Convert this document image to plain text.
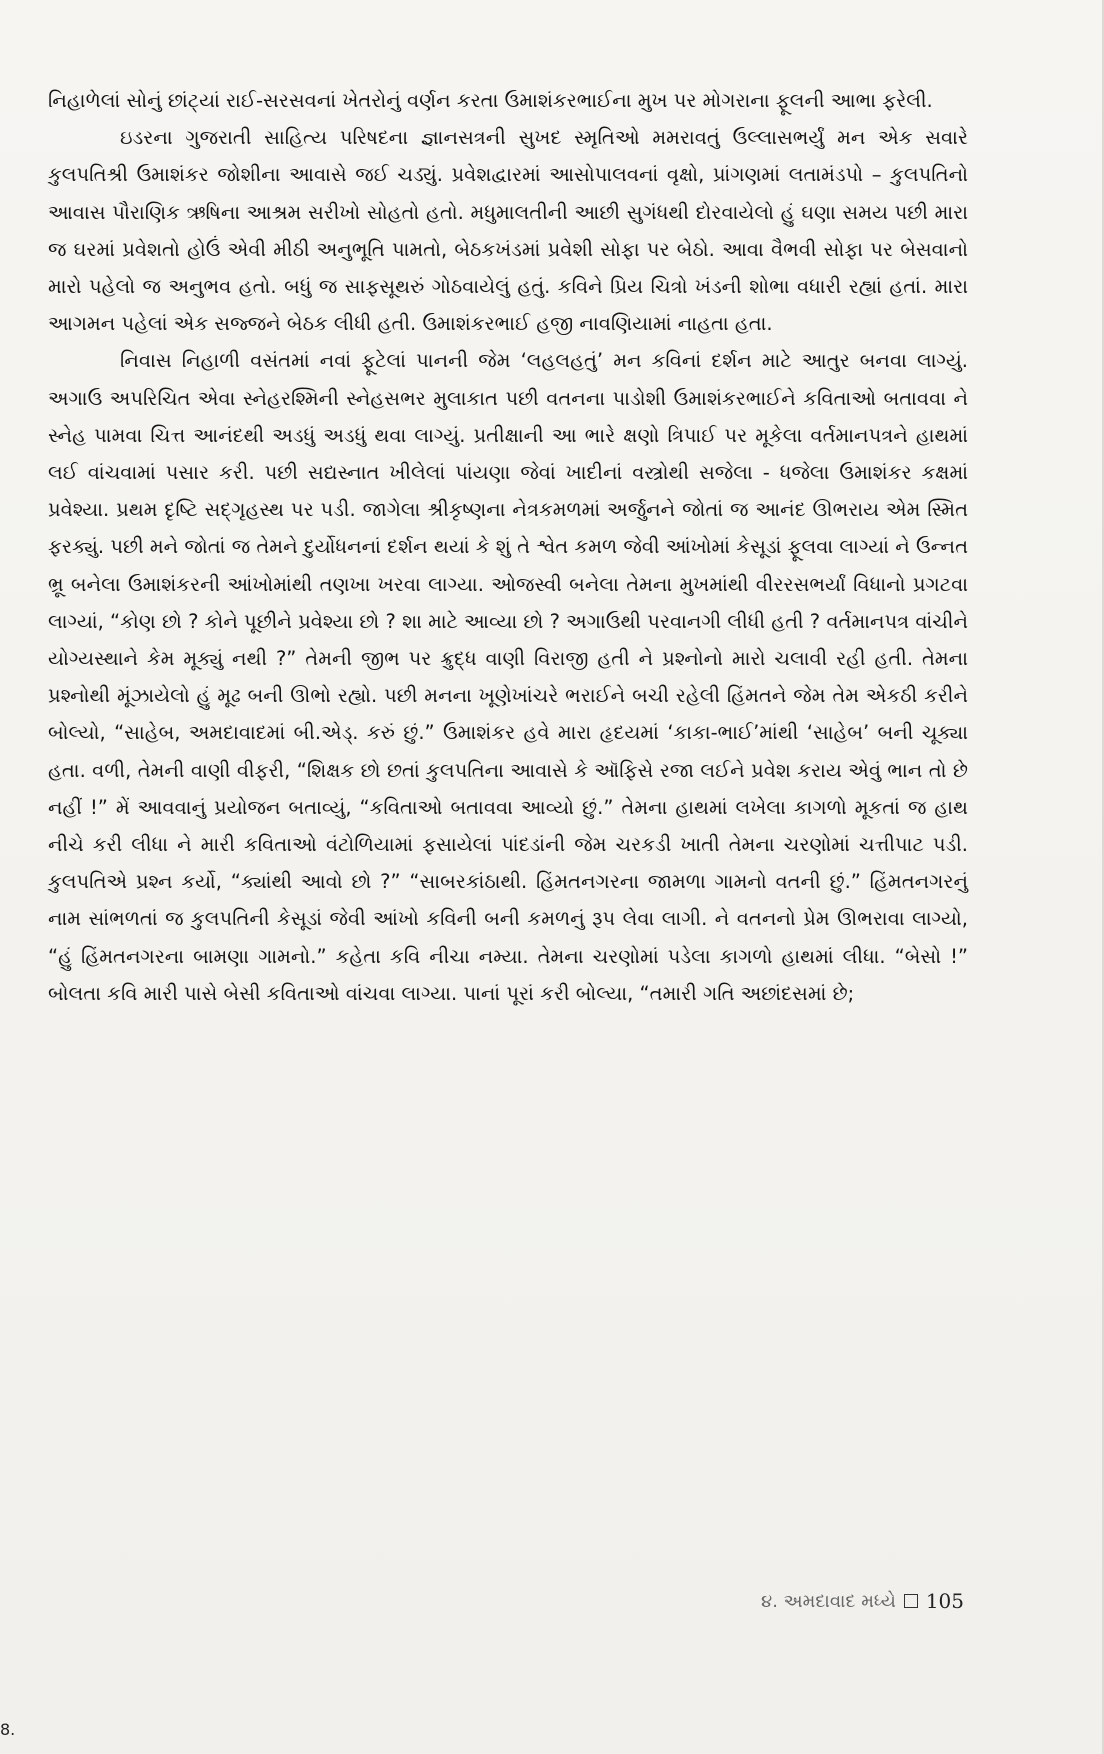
નિહાળેલાં સોનું છાંટ્યાં રાઈ-સરસવનાં ખેતરોનું વર્ણન કરતા ઉમાશંકરભાઈના મુખ પર મોગરાના ફૂલની આભા ફરેલી.

ઇડરના ગુજરાતી સાહિત્ય પરિષદના જ્ઞાનસત્રની સુખદ સ્મૃતિઓ મમરાવતું ઉલ્લાસભર્યું મન એક સવારે કુલપતિશ્રી ઉમાશંકર જોશીના આવાસે જઈ ચડ્યું. પ્રવેશદ્વારમાં આસોપાલવનાં વૃક્ષો, પ્રાંગણમાં લતામંડપો – કુલપતિનો આવાસ પૌરાણિક ઋષિના આશ્રમ સરીખો સોહતો હતો. મધુમાલતીની આછી સુગંધથી દોરવાયેલો હું ઘણા સમય પછી મારા જ ઘરમાં પ્રવેશતો હોઉં એવી મીઠી અનુભૂતિ પામતો, બેઠકખંડમાં પ્રવેશી સોફા પર બેઠો. આવા વૈભવી સોફા પર બેસવાનો મારો પહેલો જ અનુભવ હતો. બધું જ સાફસૂથરું ગોઠવાયેલું હતું. કવિને પ્રિય ચિત્રો ખંડની શોભા વધારી રહ્યાં હતાં. મારા આગમન પહેલાં એક સજ્જને બેઠક લીધી હતી. ઉમાશંકરભાઈ હજી નાવણિયામાં નાહતા હતા.

નિવાસ નિહાળી વસંતમાં નવાં ફૂટેલાં પાનની જેમ ‘લહલહતું’ મન કવિનાં દર્શન માટે આતુર બનવા લાગ્યું. અગાઉ અપરિચિત એવા સ્નેહરશ્મિની સ્નેહસભર મુલાકાત પછી વતનના પાડોશી ઉમાશંકરભાઈને કવિતાઓ બતાવવા ને સ્નેહ પામવા ચિત્ત આનંદથી અડધું અડધું થવા લાગ્યું. પ્રતીક્ષાની આ ભારે ક્ષણો ત્રિપાઈ પર મૂકેલા વર્તમાનપત્રને હાથમાં લઈ વાંચવામાં પસાર કરી. પછી સદ્યસ્નાત ખીલેલાં પાંયણા જેવાં ખાદીનાં વસ્ત્રોથી સજેલા - ધજેલા ઉમાશંકર કક્ષમાં પ્રવેશ્યા. પ્રથમ દૃષ્ટિ સદ્‌ગૃહસ્થ પર પડી. જાગેલા શ્રીકૃષ્ણના નેત્રકમળમાં અર્જુનને જોતાં જ આનંદ ઊભરાય એમ સ્મિત ફરક્યું. પછી મને જોતાં જ તેમને દુર્યોધનનાં દર્શન થયાં કે શું તે શ્વેત કમળ જેવી આંખોમાં કેસૂડાં ફૂલવા લાગ્યાં ને ઉન્નત ભ્રૂ બનેલા ઉમાશંકરની આંખોમાંથી તણખા ખરવા લાગ્યા. ઓજસ્વી બનેલા તેમના મુખમાંથી વીરરસભર્યાં વિધાનો પ્રગટવા લાગ્યાં, “કોણ છો ? કોને પૂછીને પ્રવેશ્યા છો ? શા માટે આવ્યા છો ? અગાઉથી પરવાનગી લીધી હતી ? વર્તમાનપત્ર વાંચીને યોગ્યસ્થાને કેમ મૂક્યું નથી ?” તેમની જીભ પર ક્રુદ્ધ વાણી વિરાજી હતી ને પ્રશ્નોનો મારો ચલાવી રહી હતી. તેમના પ્રશ્નોથી મૂંઝાયેલો હું મૂઢ બની ઊભો રહ્યો. પછી મનના ખૂણેખાંચરે ભરાઈને બચી રહેલી હિંમતને જેમ તેમ એકઠી કરીને બોલ્યો, “સાહેબ, અમદાવાદમાં બી.એડ્. કરું છું.” ઉમાશંકર હવે મારા હૃદયમાં ‘કાકા-ભાઈ’માંથી ‘સાહેબ’ બની ચૂક્યા હતા. વળી, તેમની વાણી વીફરી, “શિક્ષક છો છતાં કુલપતિના આવાસે કે ઑફિસે રજા લઈને પ્રવેશ કરાય એવું ભાન તો છે નહીં !” મેં આવવાનું પ્રયોજન બતાવ્યું, “કવિતાઓ બતાવવા આવ્યો છું.” તેમના હાથમાં લખેલા કાગળો મૂકતાં જ હાથ નીચે કરી લીધા ને મારી કવિતાઓ વંટોળિયામાં ફસાયેલાં પાંદડાંની જેમ ચરકડી ખાતી તેમના ચરણોમાં ચત્તીપાટ પડી. કુલપતિએ પ્રશ્ન કર્યો, “ક્યાંથી આવો છો ?” “સાબરકાંઠાથી. હિંમતનગરના જામળા ગામનો વતની છું.” હિંમતનગરનું નામ સાંભળતાં જ કુલપતિની કેસૂડાં જેવી આંખો કવિની બની કમળનું રૂપ લેવા લાગી. ને વતનનો પ્રેમ ઊભરાવા લાગ્યો, “હું હિંમતનગરના બામણા ગામનો.” કહેતા કવિ નીચા નમ્યા. તેમના ચરણોમાં પડેલા કાગળો હાથમાં લીધા. “બેસો !” બોલતા કવિ મારી પાસે બેસી કવિતાઓ વાંચવા લાગ્યા. પાનાં પૂરાં કરી બોલ્યા, “તમારી ગતિ અછાંદસમાં છે;

૪. અમદાવાદ મધ્યે 105
8.
